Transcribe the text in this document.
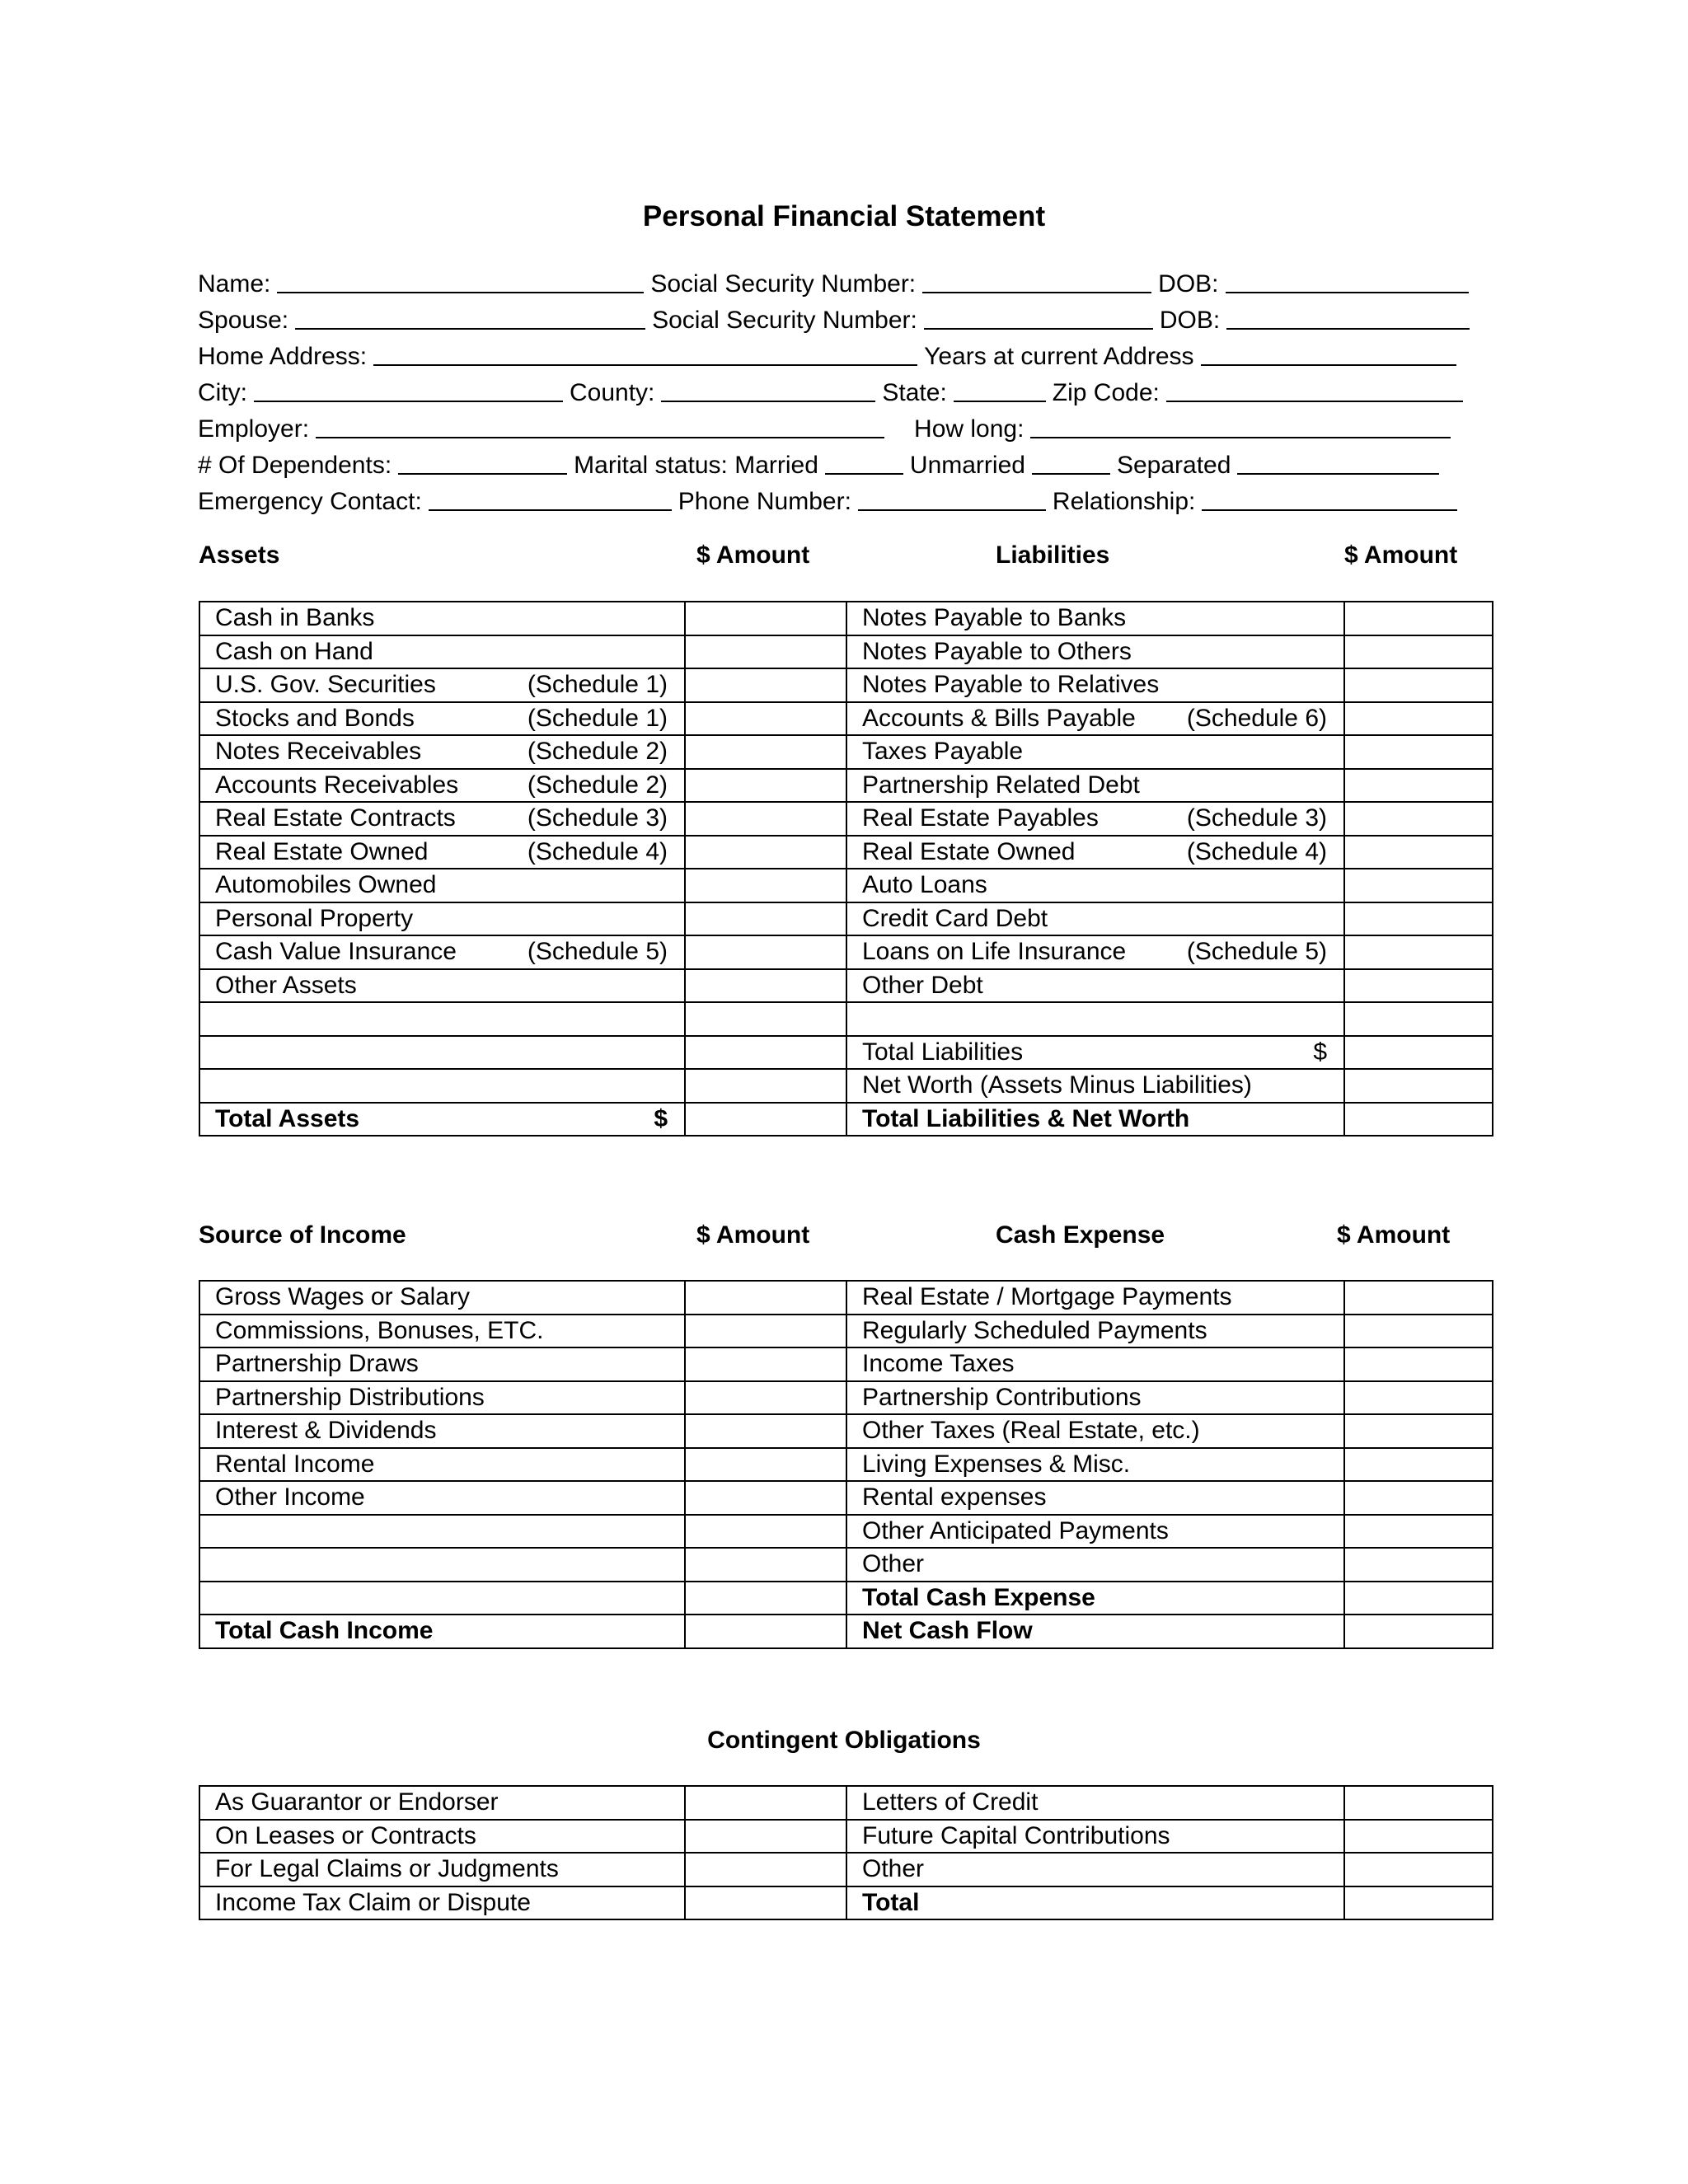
Personal Financial Statement
Name:	Social Security Number:	DOB:
Spouse:	Social Security Number:	DOB:
Home Address:	Years at current Address
City:	County:	State:	Zip Code:
Employer:	How long:
# Of Dependents:	Marital status: Married	Unmarried	Separated
Emergency Contact:	Phone Number:	Relationship:
Assets	$ Amount	Liabilities	$ Amount
Cash in Banks		Notes Payable to Banks	

Cash on Hand		Notes Payable to Others	

U.S. Gov. Securities (Schedule 1)		Notes Payable to Relatives	

Stocks and Bonds (Schedule 1)		Accounts & Bills Payable (Schedule 6)	

Notes Receivables (Schedule 2)		Taxes Payable	

Accounts Receivables (Schedule 2)		Partnership Related Debt	

Real Estate Contracts (Schedule 3)		Real Estate Payables (Schedule 3)	

Real Estate Owned (Schedule 4)		Real Estate Owned (Schedule 4)	

Automobiles Owned		Auto Loans	

Personal Property		Credit Card Debt	

Cash Value Insurance (Schedule 5)		Loans on Life Insurance (Schedule 5)	

Other Assets		Other Debt	

		Total Liabilities $	

		Net Worth (Assets Minus Liabilities)	

Total Assets $		Total Liabilities & Net Worth	

Source of Income	$ Amount	Cash Expense	$ Amount
Gross Wages or Salary		Real Estate / Mortgage Payments	

Commissions, Bonuses, ETC.		Regularly Scheduled Payments	

Partnership Draws		Income Taxes	

Partnership Distributions		Partnership Contributions	

Interest & Dividends		Other Taxes (Real Estate, etc.)	

Rental Income		Living Expenses & Misc.	

Other Income		Rental expenses	

		Other Anticipated Payments	

		Other	

		Total Cash Expense	

Total Cash Income		Net Cash Flow	

Contingent Obligations
As Guarantor or Endorser		Letters of Credit	

On Leases or Contracts		Future Capital Contributions	

For Legal Claims or Judgments		Other	

Income Tax Claim or Dispute		Total	
